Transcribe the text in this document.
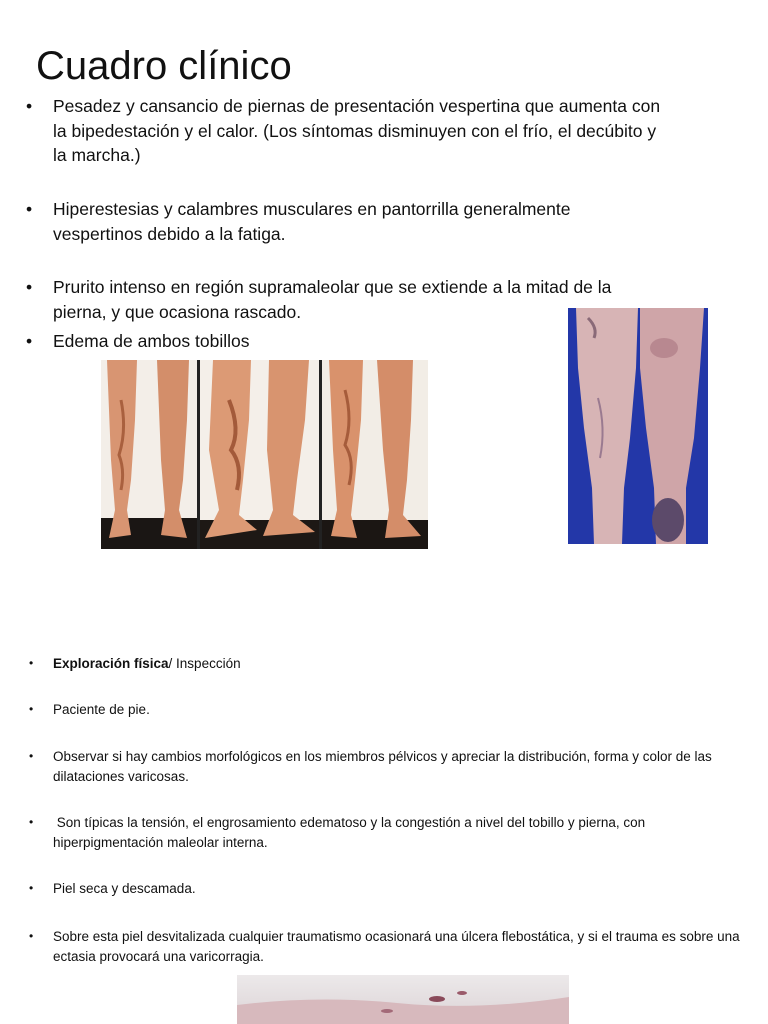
Cuadro clínico
• Pesadez y cansancio de piernas de presentación vespertina que aumenta con la bipedestación y el calor. (Los síntomas disminuyen con el frío, el decúbito y la marcha.)
• Hiperestesias y calambres musculares en pantorrilla generalmente vespertinos debido a la fatiga.
• Prurito intenso en región supramaleolar que se extiende a la mitad de la pierna, y que ocasiona rascado.
• Edema de ambos tobillos
• Exploración física/ Inspección
• Paciente de pie.
• Observar si hay cambios morfológicos en los miembros pélvicos y apreciar la distribución, forma y color de las dilataciones varicosas.
• Son típicas la tensión, el engrosamiento edematoso y la congestión a nivel del tobillo y pierna, con hiperpigmentación maleolar interna.
• Piel seca y descamada.
• Sobre esta piel desvitalizada cualquier traumatismo ocasionará una úlcera flebostática, y si el trauma es sobre una ectasia provocará una varicorragia.
